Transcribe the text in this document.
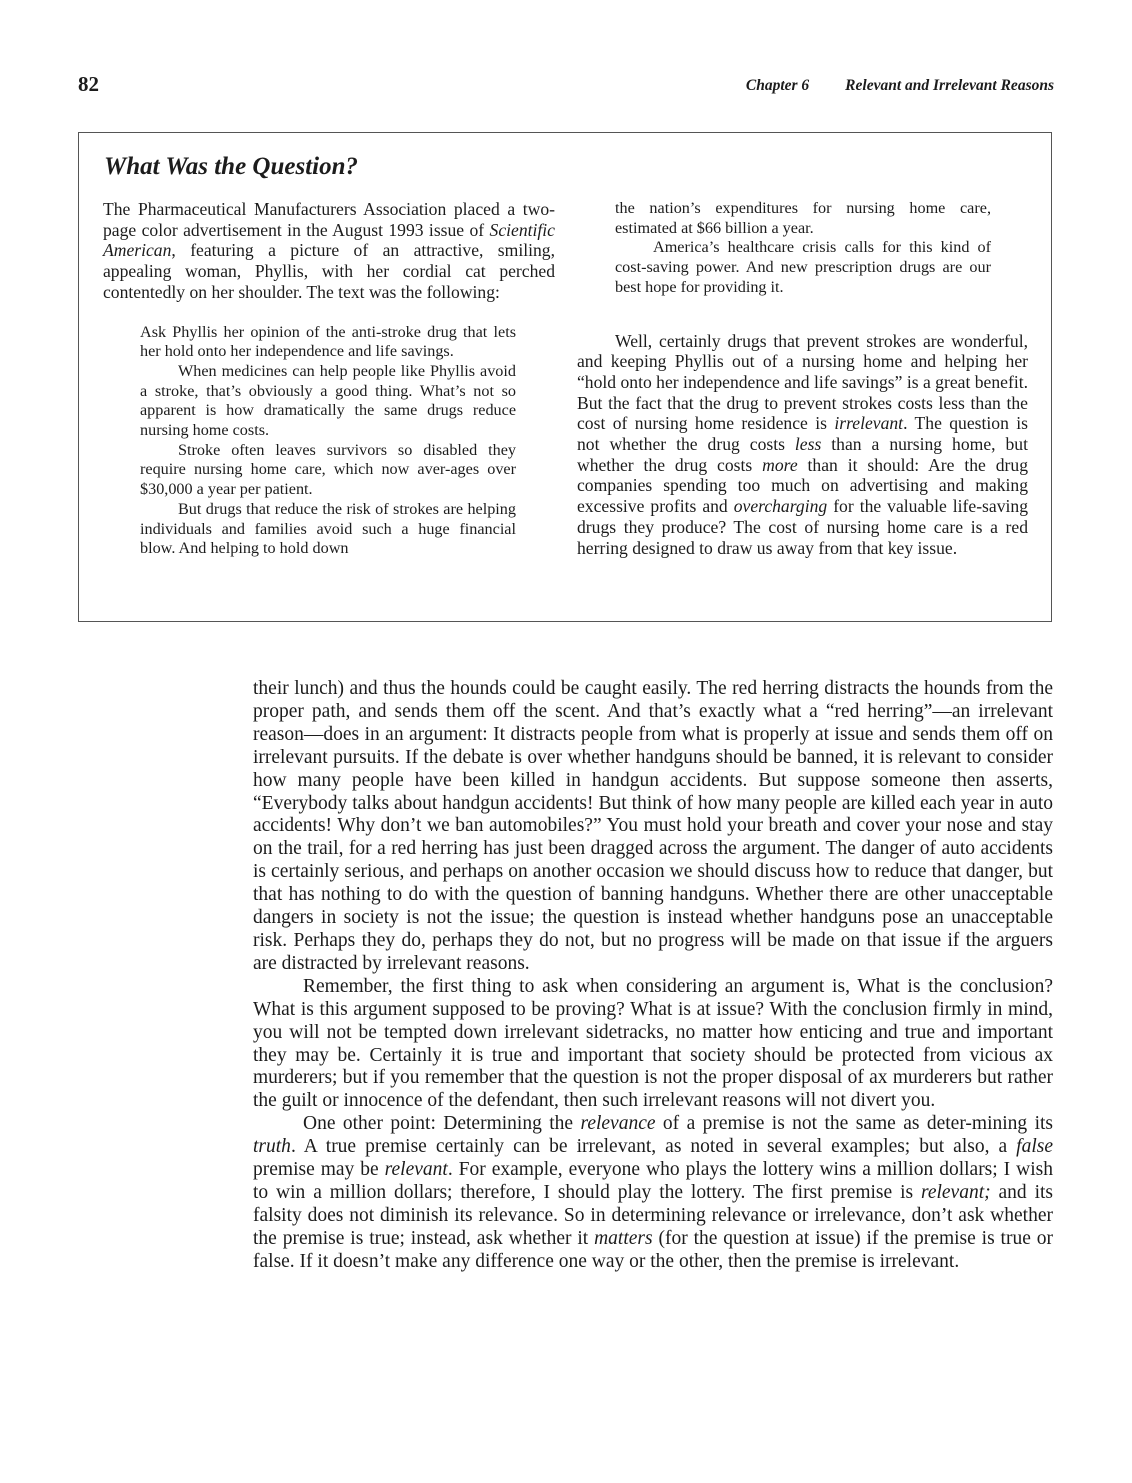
82	Chapter 6 Relevant and Irrelevant Reasons
What Was the Question?

The Pharmaceutical Manufacturers Association placed a two-page color advertisement in the August 1993 issue of Scientific American, featuring a picture of an attractive, smiling, appealing woman, Phyllis, with her cordial cat perched contentedly on her shoulder. The text was the following:

Ask Phyllis her opinion of the anti-stroke drug that lets her hold onto her independence and life savings.

When medicines can help people like Phyllis avoid a stroke, that’s obviously a good thing. What’s not so apparent is how dramatically the same drugs reduce nursing home costs.

Stroke often leaves survivors so disabled they require nursing home care, which now aver-ages over $30,000 a year per patient.

But drugs that reduce the risk of strokes are helping individuals and families avoid such a huge financial blow. And helping to hold down

the nation’s expenditures for nursing home care, estimated at $66 billion a year.

America’s healthcare crisis calls for this kind of cost-saving power. And new prescription drugs are our best hope for providing it.

Well, certainly drugs that prevent strokes are wonderful, and keeping Phyllis out of a nursing home and helping her “hold onto her independence and life savings” is a great benefit. But the fact that the drug to prevent strokes costs less than the cost of nursing home residence is irrelevant. The question is not whether the drug costs less than a nursing home, but whether the drug costs more than it should: Are the drug companies spending too much on advertising and making excessive profits and overcharging for the valuable life-saving drugs they produce? The cost of nursing home care is a red herring designed to draw us away from that key issue.

their lunch) and thus the hounds could be caught easily. The red herring distracts the hounds from the proper path, and sends them off the scent. And that’s exactly what a “red herring”—an irrelevant reason—does in an argument: It distracts people from what is properly at issue and sends them off on irrelevant pursuits. If the debate is over whether handguns should be banned, it is relevant to consider how many people have been killed in handgun accidents. But suppose someone then asserts, “Everybody talks about handgun accidents! But think of how many people are killed each year in auto accidents! Why don’t we ban automobiles?” You must hold your breath and cover your nose and stay on the trail, for a red herring has just been dragged across the argument. The danger of auto accidents is certainly serious, and perhaps on another occasion we should discuss how to reduce that danger, but that has nothing to do with the question of banning handguns. Whether there are other unacceptable dangers in society is not the issue; the question is instead whether handguns pose an unacceptable risk. Perhaps they do, perhaps they do not, but no progress will be made on that issue if the arguers are distracted by irrelevant reasons.

Remember, the first thing to ask when considering an argument is, What is the conclusion? What is this argument supposed to be proving? What is at issue? With the conclusion firmly in mind, you will not be tempted down irrelevant sidetracks, no matter how enticing and true and important they may be. Certainly it is true and important that society should be protected from vicious ax murderers; but if you remember that the question is not the proper disposal of ax murderers but rather the guilt or innocence of the defendant, then such irrelevant reasons will not divert you.

One other point: Determining the relevance of a premise is not the same as deter-mining its truth. A true premise certainly can be irrelevant, as noted in several examples; but also, a false premise may be relevant. For example, everyone who plays the lottery wins a million dollars; I wish to win a million dollars; therefore, I should play the lottery. The first premise is relevant; and its falsity does not diminish its relevance. So in determining relevance or irrelevance, don’t ask whether the premise is true; instead, ask whether it matters (for the question at issue) if the premise is true or false. If it doesn’t make any difference one way or the other, then the premise is irrelevant.
